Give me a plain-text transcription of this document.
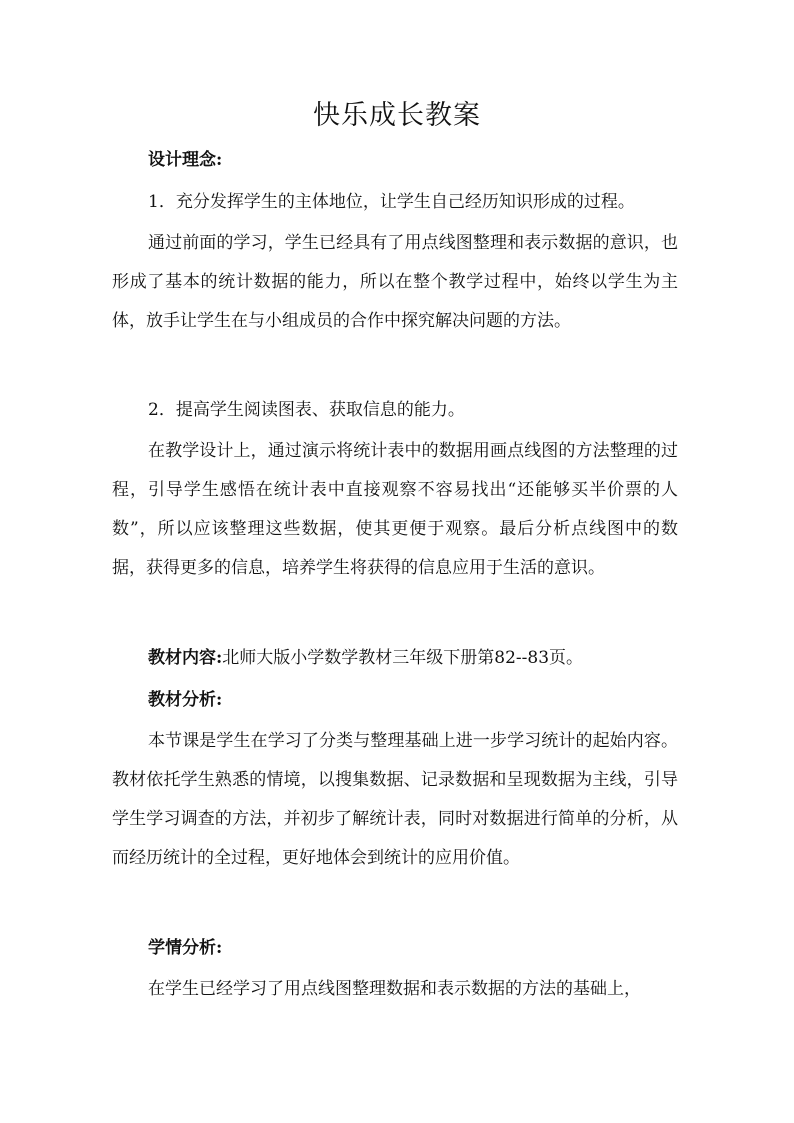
快乐成长教案
设计理念:
1．充分发挥学生的主体地位，让学生自己经历知识形成的过程。
通过前面的学习，学生已经具有了用点线图整理和表示数据的意识，也形成了基本的统计数据的能力，所以在整个教学过程中，始终以学生为主体，放手让学生在与小组成员的合作中探究解决问题的方法。
2．提高学生阅读图表、获取信息的能力。
在教学设计上，通过演示将统计表中的数据用画点线图的方法整理的过程，引导学生感悟在统计表中直接观察不容易找出“还能够买半价票的人数”，所以应该整理这些数据，使其更便于观察。最后分析点线图中的数据，获得更多的信息，培养学生将获得的信息应用于生活的意识。
教材内容:北师大版小学数学教材三年级下册第82--83页。
教材分析:
本节课是学生在学习了分类与整理基础上进一步学习统计的起始内容。教材依托学生熟悉的情境，以搜集数据、记录数据和呈现数据为主线，引导学生学习调查的方法，并初步了解统计表，同时对数据进行简单的分析，从而经历统计的全过程，更好地体会到统计的应用价值。
学情分析:
在学生已经学习了用点线图整理数据和表示数据的方法的基础上，
